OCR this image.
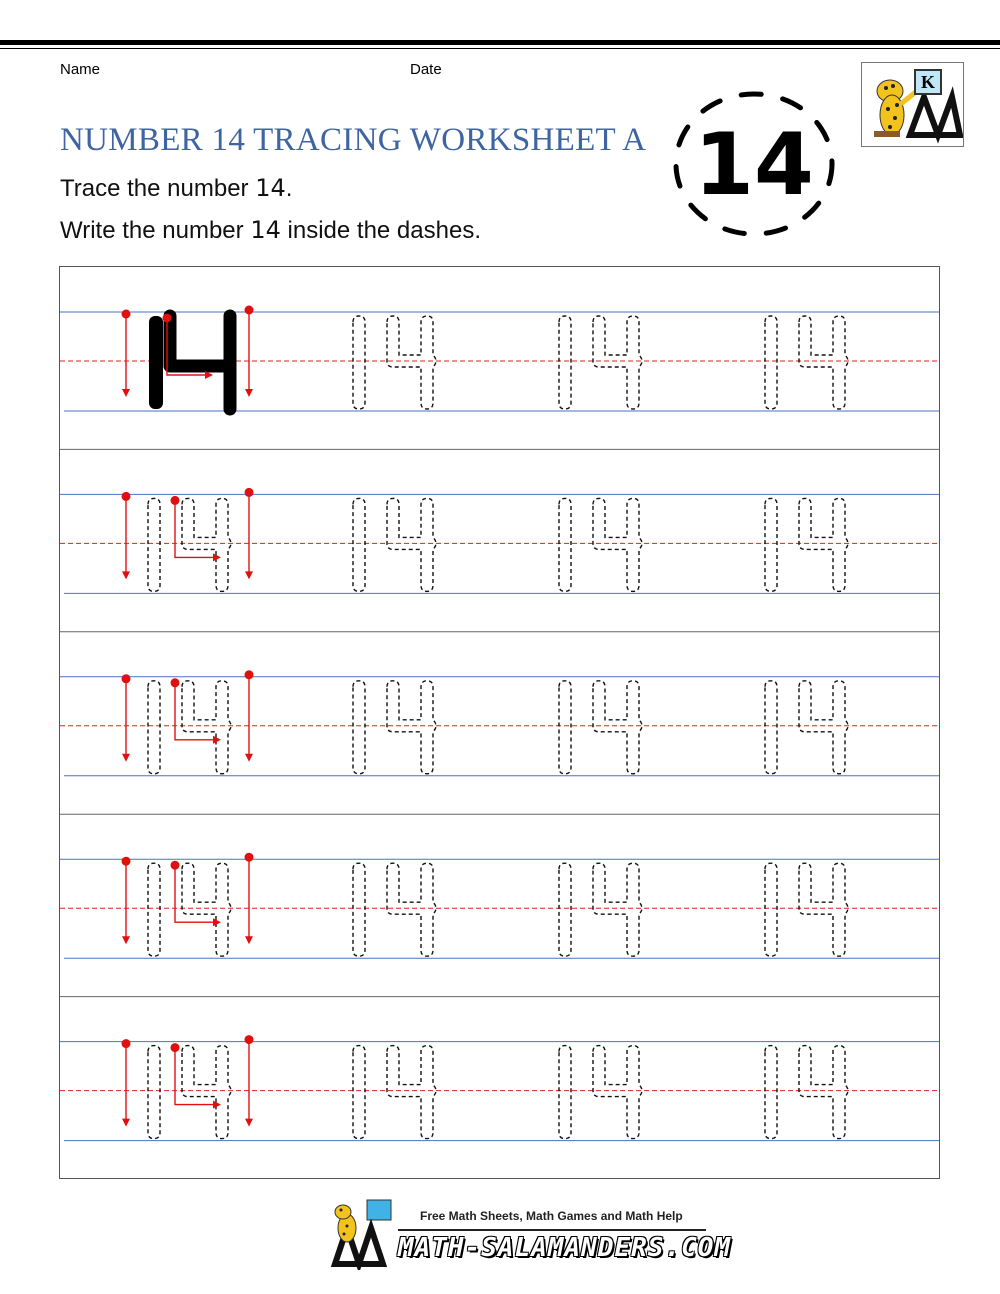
Name	Date
NUMBER 14 TRACING WORKSHEET A
Trace the number 14.
Write the number 14 inside the dashes.
14
K
Free Math Sheets, Math Games and Math Help
MATH-SALAMANDERS.COM
